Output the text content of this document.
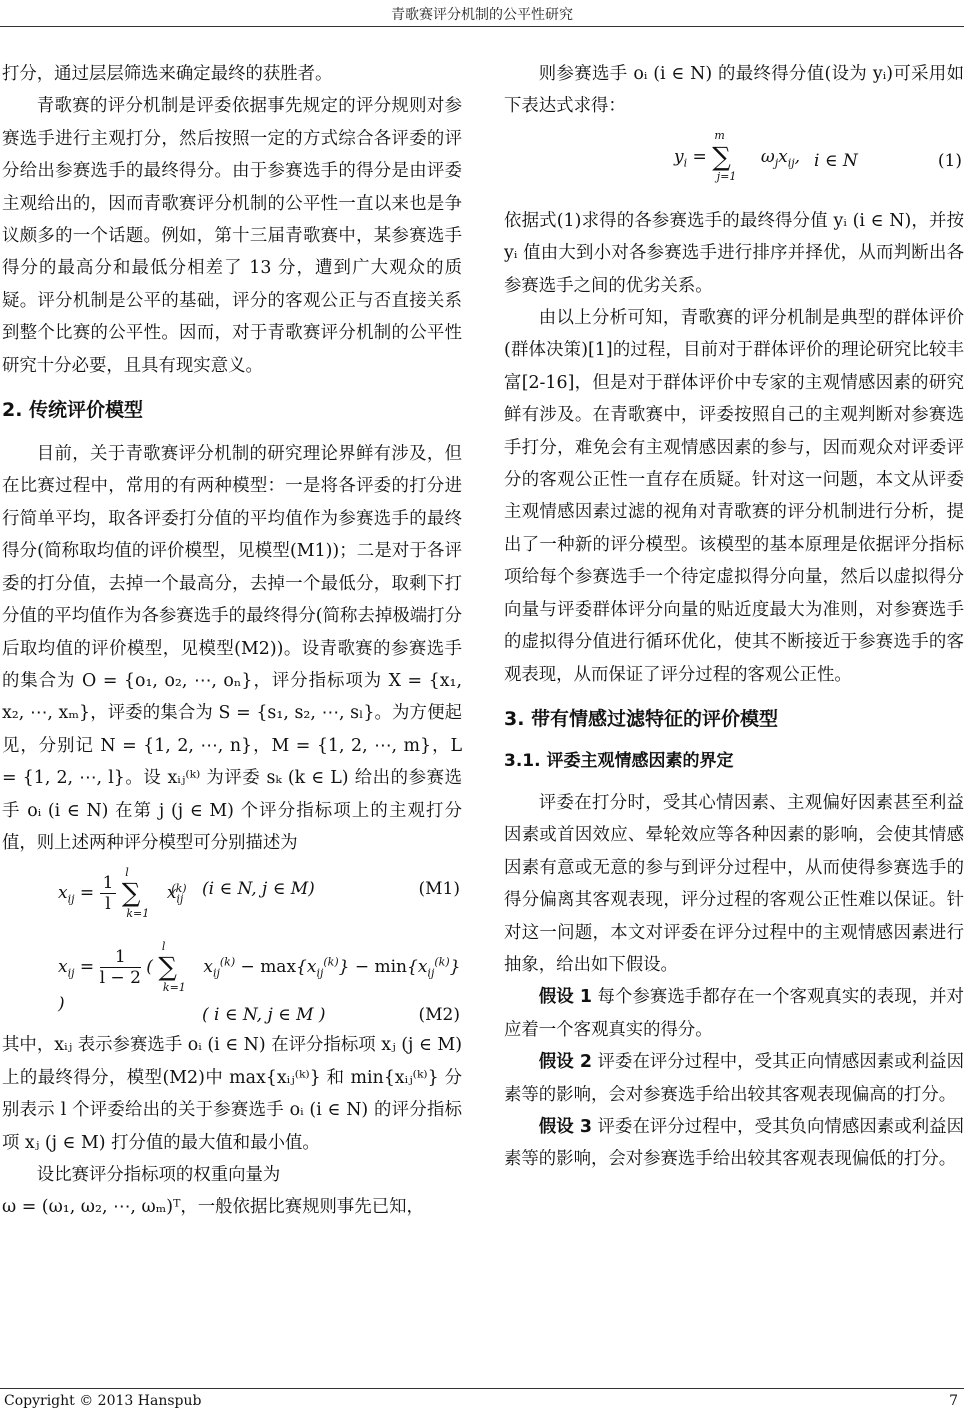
青歌赛评分机制的公平性研究

打分，通过层层筛选来确定最终的获胜者。

青歌赛的评分机制是评委依据事先规定的评分规则对参赛选手进行主观打分，然后按照一定的方式综合各评委的评分给出参赛选手的最终得分。由于参赛选手的得分是由评委主观给出的，因而青歌赛评分机制的公平性一直以来也是争议颇多的一个话题。例如，第十三届青歌赛中，某参赛选手得分的最高分和最低分相差了 13 分，遭到广大观众的质疑。评分机制是公平的基础，评分的客观公正与否直接关系到整个比赛的公平性。因而，对于青歌赛评分机制的公平性研究十分必要，且具有现实意义。

2. 传统评价模型

目前，关于青歌赛评分机制的研究理论界鲜有涉及，但在比赛过程中，常用的有两种模型：一是将各评委的打分进行简单平均，取各评委打分值的平均值作为参赛选手的最终得分(简称取均值的评价模型，见模型(M1))；二是对于各评委的打分值，去掉一个最高分，去掉一个最低分，取剩下打分值的平均值作为各参赛选手的最终得分(简称去掉极端打分后取均值的评价模型，见模型(M2))。设青歌赛的参赛选手的集合为 O = {o₁, o₂, ⋯, oₙ}，评分指标项为 X = {x₁, x₂, ⋯, xₘ}，评委的集合为 S = {s₁, s₂, ⋯, sₗ}。为方便起见，分别记 N = {1, 2, ⋯, n}，M = {1, 2, ⋯, m}，L = {1, 2, ⋯, l}。设 xᵢⱼ⁽ᵏ⁾ 为评委 sₖ (k ∈ L) 给出的参赛选手 oᵢ (i ∈ N) 在第 j (j ∈ M) 个评分指标项上的主观打分值，则上述两种评分模型可分别描述为

$x_{ij} = \frac{1}{l} \sum_{k=1}^lx_{ij}^{(k)}$ (i ∈ N, j ∈ M)	(M1)
$x_{ij} = \frac{1}{l - 2}$ ( $\sum_{k=1}^lx_{ij}^{(k)} - \max\{x_{ij}^{(k)}\} - \min\{x_{ij}^{(k)}\}$ )
( i ∈ N, j ∈ M )	(M2)

其中，xᵢⱼ 表示参赛选手 oᵢ (i ∈ N) 在评分指标项 xⱼ (j ∈ M) 上的最终得分，模型(M2)中 max{xᵢⱼ⁽ᵏ⁾} 和 min{xᵢⱼ⁽ᵏ⁾} 分别表示 l 个评委给出的关于参赛选手 oᵢ (i ∈ N) 的评分指标项 xⱼ (j ∈ M) 打分值的最大值和最小值。

设比赛评分指标项的权重向量为

ω = (ω₁, ω₂, ⋯, ωₘ)ᵀ，一般依据比赛规则事先已知，

则参赛选手 oᵢ (i ∈ N) 的最终得分值(设为 yᵢ)可采用如下表达式求得：

$y_i = \sum_{j=1}^m\omega_jx_{ij}$, i ∈ N	(1)

依据式(1)求得的各参赛选手的最终得分值 yᵢ (i ∈ N)，并按 yᵢ 值由大到小对各参赛选手进行排序并择优，从而判断出各参赛选手之间的优劣关系。

由以上分析可知，青歌赛的评分机制是典型的群体评价(群体决策)[1]的过程，目前对于群体评价的理论研究比较丰富[2-16]，但是对于群体评价中专家的主观情感因素的研究鲜有涉及。在青歌赛中，评委按照自己的主观判断对参赛选手打分，难免会有主观情感因素的参与，因而观众对评委评分的客观公正性一直存在质疑。针对这一问题，本文从评委主观情感因素过滤的视角对青歌赛的评分机制进行分析，提出了一种新的评分模型。该模型的基本原理是依据评分指标项给每个参赛选手一个待定虚拟得分向量，然后以虚拟得分向量与评委群体评分向量的贴近度最大为准则，对参赛选手的虚拟得分值进行循环优化，使其不断接近于参赛选手的客观表现，从而保证了评分过程的客观公正性。

3. 带有情感过滤特征的评价模型
3.1. 评委主观情感因素的界定

评委在打分时，受其心情因素、主观偏好因素甚至利益因素或首因效应、晕轮效应等各种因素的影响，会使其情感因素有意或无意的参与到评分过程中，从而使得参赛选手的得分偏离其客观表现，评分过程的客观公正性难以保证。针对这一问题，本文对评委在评分过程中的主观情感因素进行抽象，给出如下假设。

假设 1 每个参赛选手都存在一个客观真实的表现，并对应着一个客观真实的得分。

假设 2 评委在评分过程中，受其正向情感因素或利益因素等的影响，会对参赛选手给出较其客观表现偏高的打分。

假设 3 评委在评分过程中，受其负向情感因素或利益因素等的影响，会对参赛选手给出较其客观表现偏低的打分。

Copyright © 2013 Hanspub	7
